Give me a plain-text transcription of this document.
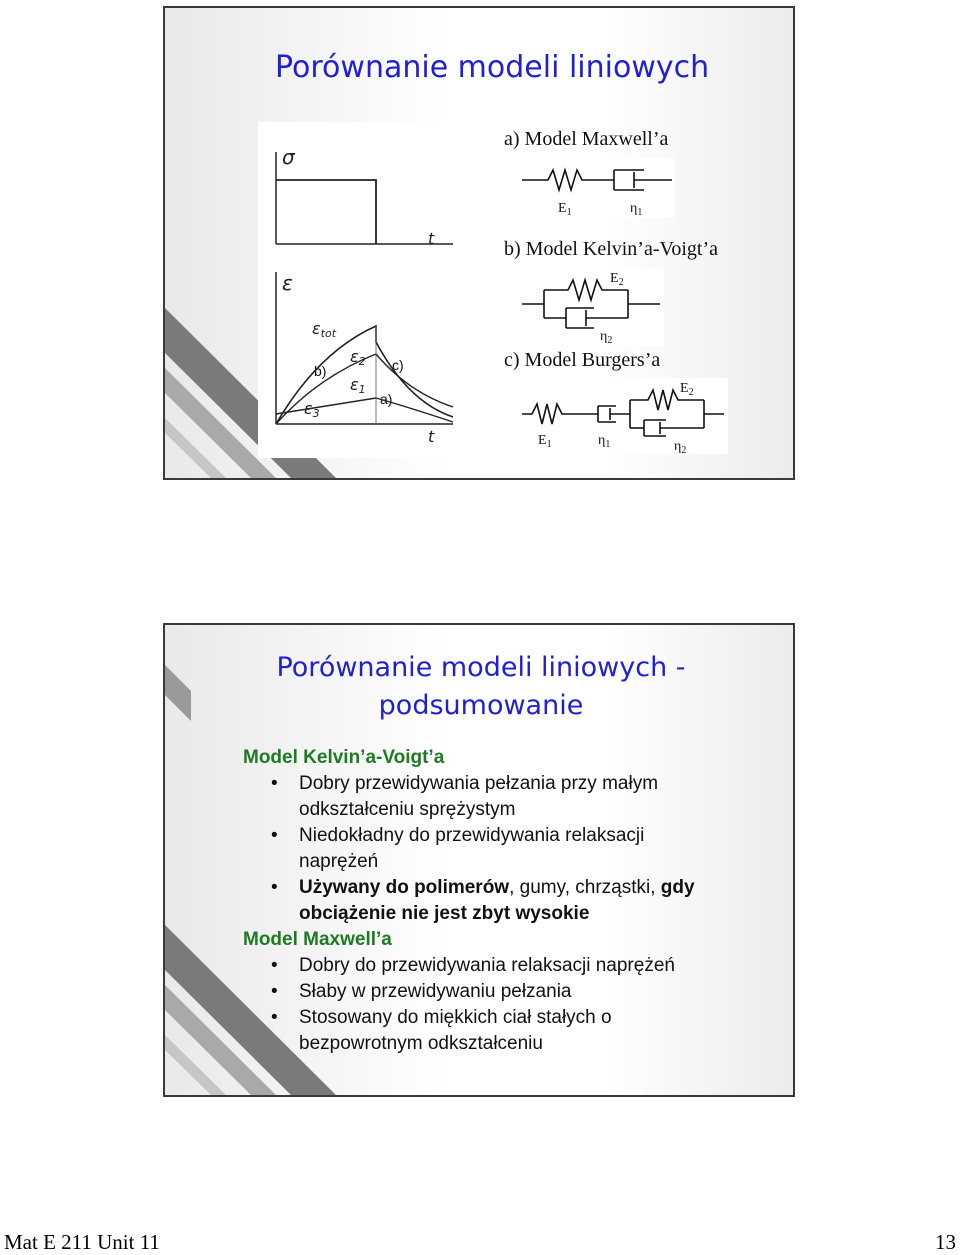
Porównanie modeli liniowych
σ
t
ε
εtot
ε2
ε1
ε3
t
b)	c)
a)
a) Model Maxwell’a
$E_1$	$\eta_1$
b) Model Kelvin’a-Voigt’a
$E_2$
$\eta_2$
c) Model Burgers’a
$E_1$	$\eta_1$
$E_2$
$\eta_2$
Porównanie modeli liniowych -
podsumowanie

Model Kelvin’a-Voigt’a

• Dobry przewidywania pełzania przy małym
odkształceniu sprężystym

• Niedokładny do przewidywania relaksacji
naprężeń

• Używany do polimerów, gumy, chrząstki, gdy
obciążenie nie jest zbyt wysokie

Model Maxwell’a

• Dobry do przewidywania relaksacji naprężeń

• Słaby w przewidywaniu pełzania

• Stosowany do miękkich ciał stałych o
bezpowrotnym odkształceniu

Mat E 211 Unit 11	13
